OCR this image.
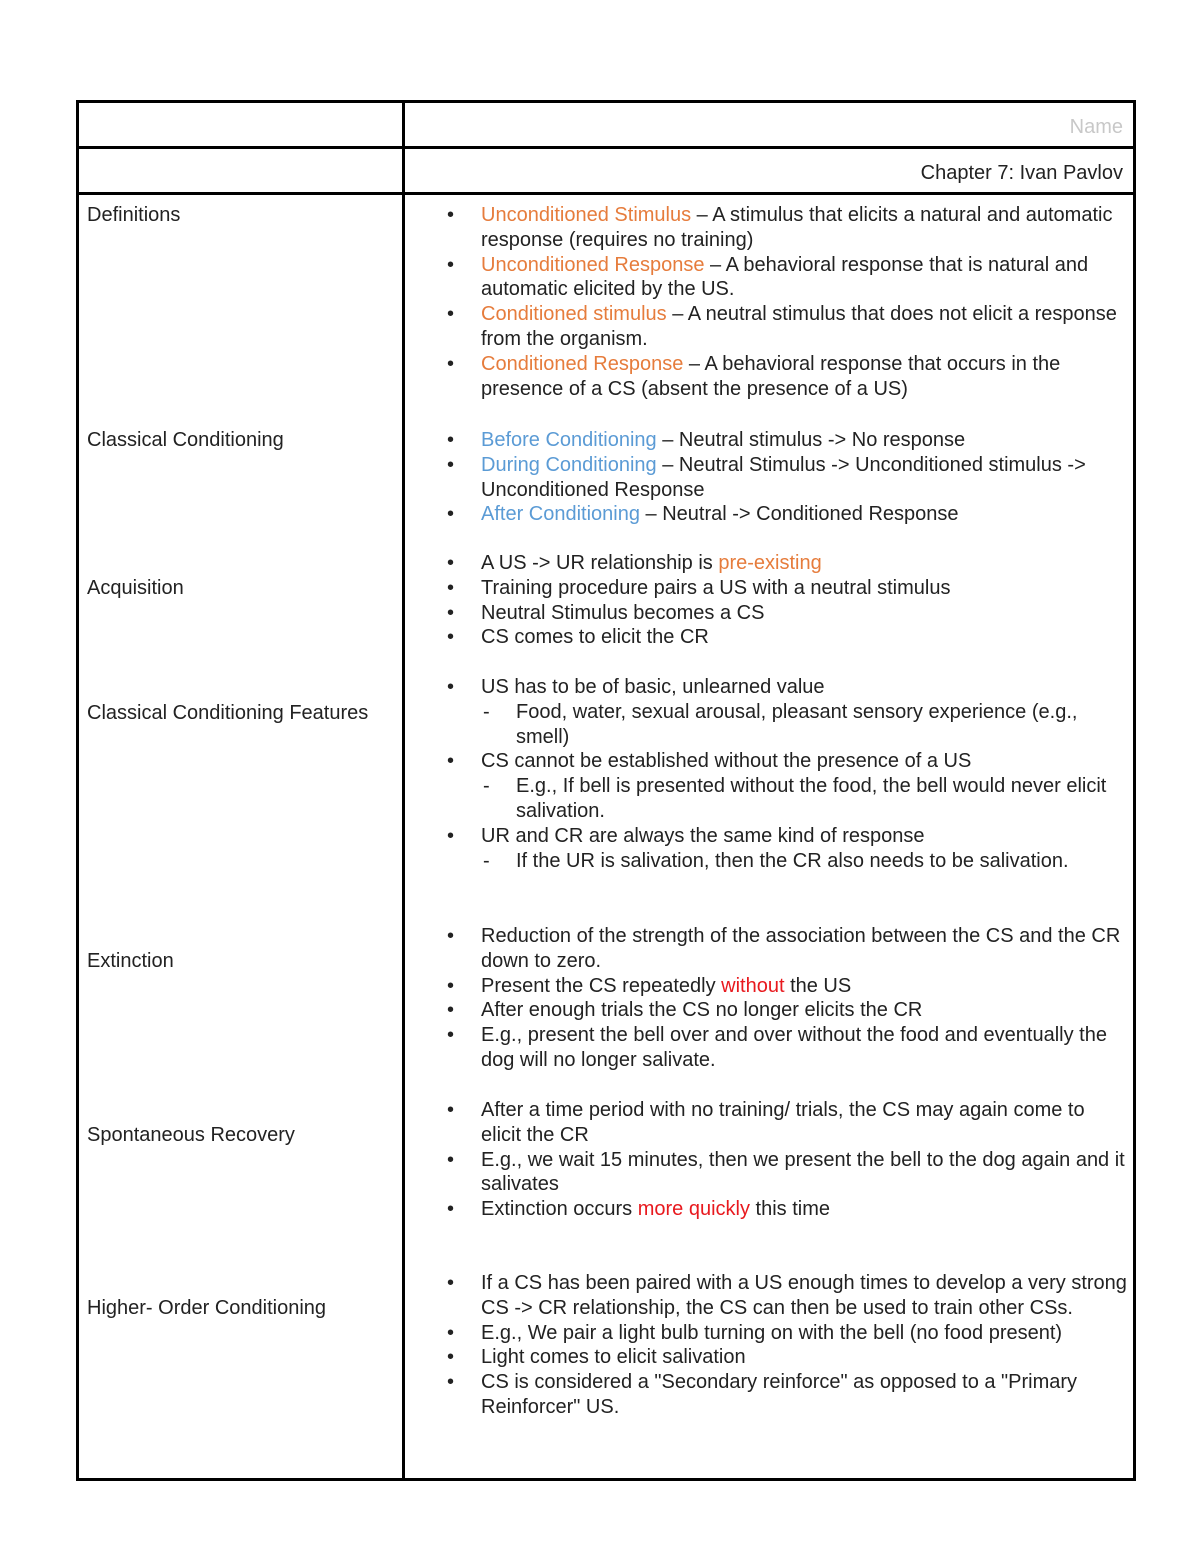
Name
Chapter 7: Ivan Pavlov
Definitions
Classical Conditioning
Acquisition
Classical Conditioning Features
Extinction
Spontaneous Recovery
Higher- Order Conditioning
• Unconditioned Stimulus – A stimulus that elicits a natural and automatic response (requires no training)
• Unconditioned Response – A behavioral response that is natural and automatic elicited by the US.
• Conditioned stimulus – A neutral stimulus that does not elicit a response from the organism.
• Conditioned Response – A behavioral response that occurs in the presence of a CS (absent the presence of a US)
• Before Conditioning – Neutral stimulus -> No response
• During Conditioning – Neutral Stimulus -> Unconditioned stimulus -> Unconditioned Response
• After Conditioning – Neutral -> Conditioned Response
• A US -> UR relationship is pre-existing
• Training procedure pairs a US with a neutral stimulus
• Neutral Stimulus becomes a CS
• CS comes to elicit the CR
• US has to be of basic, unlearned value
- Food, water, sexual arousal, pleasant sensory experience (e.g., smell)
• CS cannot be established without the presence of a US
- E.g., If bell is presented without the food, the bell would never elicit salivation.
• UR and CR are always the same kind of response
- If the UR is salivation, then the CR also needs to be salivation.
• Reduction of the strength of the association between the CS and the CR down to zero.
• Present the CS repeatedly without the US
• After enough trials the CS no longer elicits the CR
• E.g., present the bell over and over without the food and eventually the dog will no longer salivate.
• After a time period with no training/ trials, the CS may again come to elicit the CR
• E.g., we wait 15 minutes, then we present the bell to the dog again and it salivates
• Extinction occurs more quickly this time
• If a CS has been paired with a US enough times to develop a very strong CS -> CR relationship, the CS can then be used to train other CSs.
• E.g., We pair a light bulb turning on with the bell (no food present)
• Light comes to elicit salivation
• CS is considered a "Secondary reinforce" as opposed to a "Primary Reinforcer" US.
